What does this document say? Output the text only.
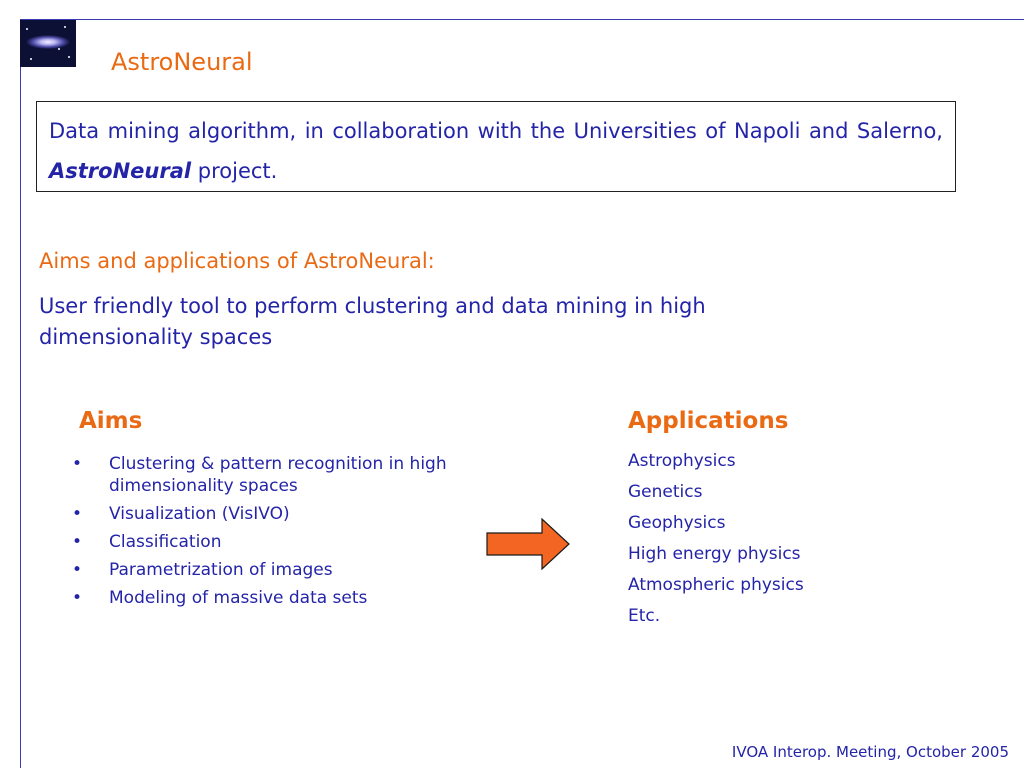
AstroNeural
Data mining algorithm, in collaboration with the Universities of Napoli and Salerno, AstroNeural project.
Aims and applications of AstroNeural:
User friendly tool to perform clustering and data mining in high dimensionality spaces
Aims
• Clustering & pattern recognition in high dimensionality spaces
• Visualization (VisIVO)
• Classification
• Parametrization of images
• Modeling of massive data sets
Applications
Astrophysics
Genetics
Geophysics
High energy physics
Atmospheric physics
Etc.
IVOA Interop. Meeting, October 2005
